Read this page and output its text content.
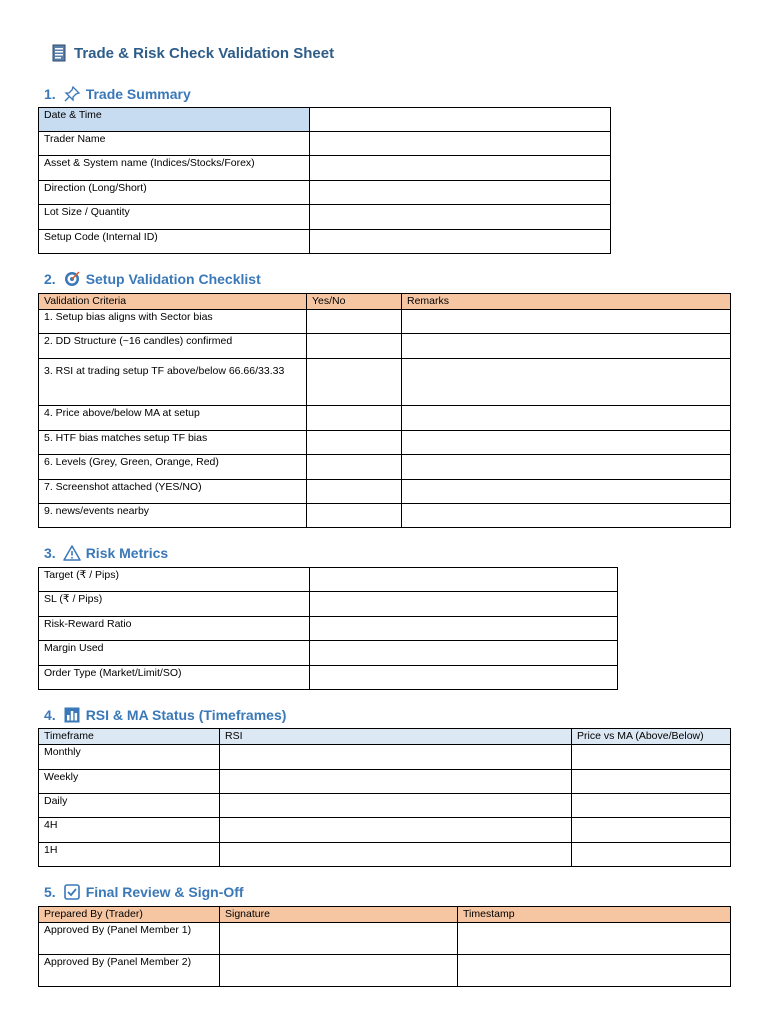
Trade & Risk Check Validation Sheet
1. Trade Summary
Date & Time	
Trader Name	
Asset & System name (Indices/Stocks/Forex)	
Direction (Long/Short)	
Lot Size / Quantity	
Setup Code (Internal ID)	
2. Setup Validation Checklist
Validation Criteria	Yes/No	Remarks
1. Setup bias aligns with Sector bias		
2. DD Structure (~16 candles) confirmed		
3. RSI at trading setup TF above/below 66.66/33.33		
4. Price above/below MA at setup		
5. HTF bias matches setup TF bias		
6. Levels (Grey, Green, Orange, Red)		
7. Screenshot attached (YES/NO)		
9. news/events nearby		
3. Risk Metrics
Target (₹ / Pips)	
SL (₹ / Pips)	
Risk-Reward Ratio	
Margin Used	
Order Type (Market/Limit/SO)	
4. RSI & MA Status (Timeframes)
Timeframe	RSI	Price vs MA (Above/Below)
Monthly		
Weekly		
Daily		
4H		
1H		
5. Final Review & Sign-Off
Prepared By (Trader)	Signature	Timestamp
Approved By (Panel Member 1)		
Approved By (Panel Member 2)		
